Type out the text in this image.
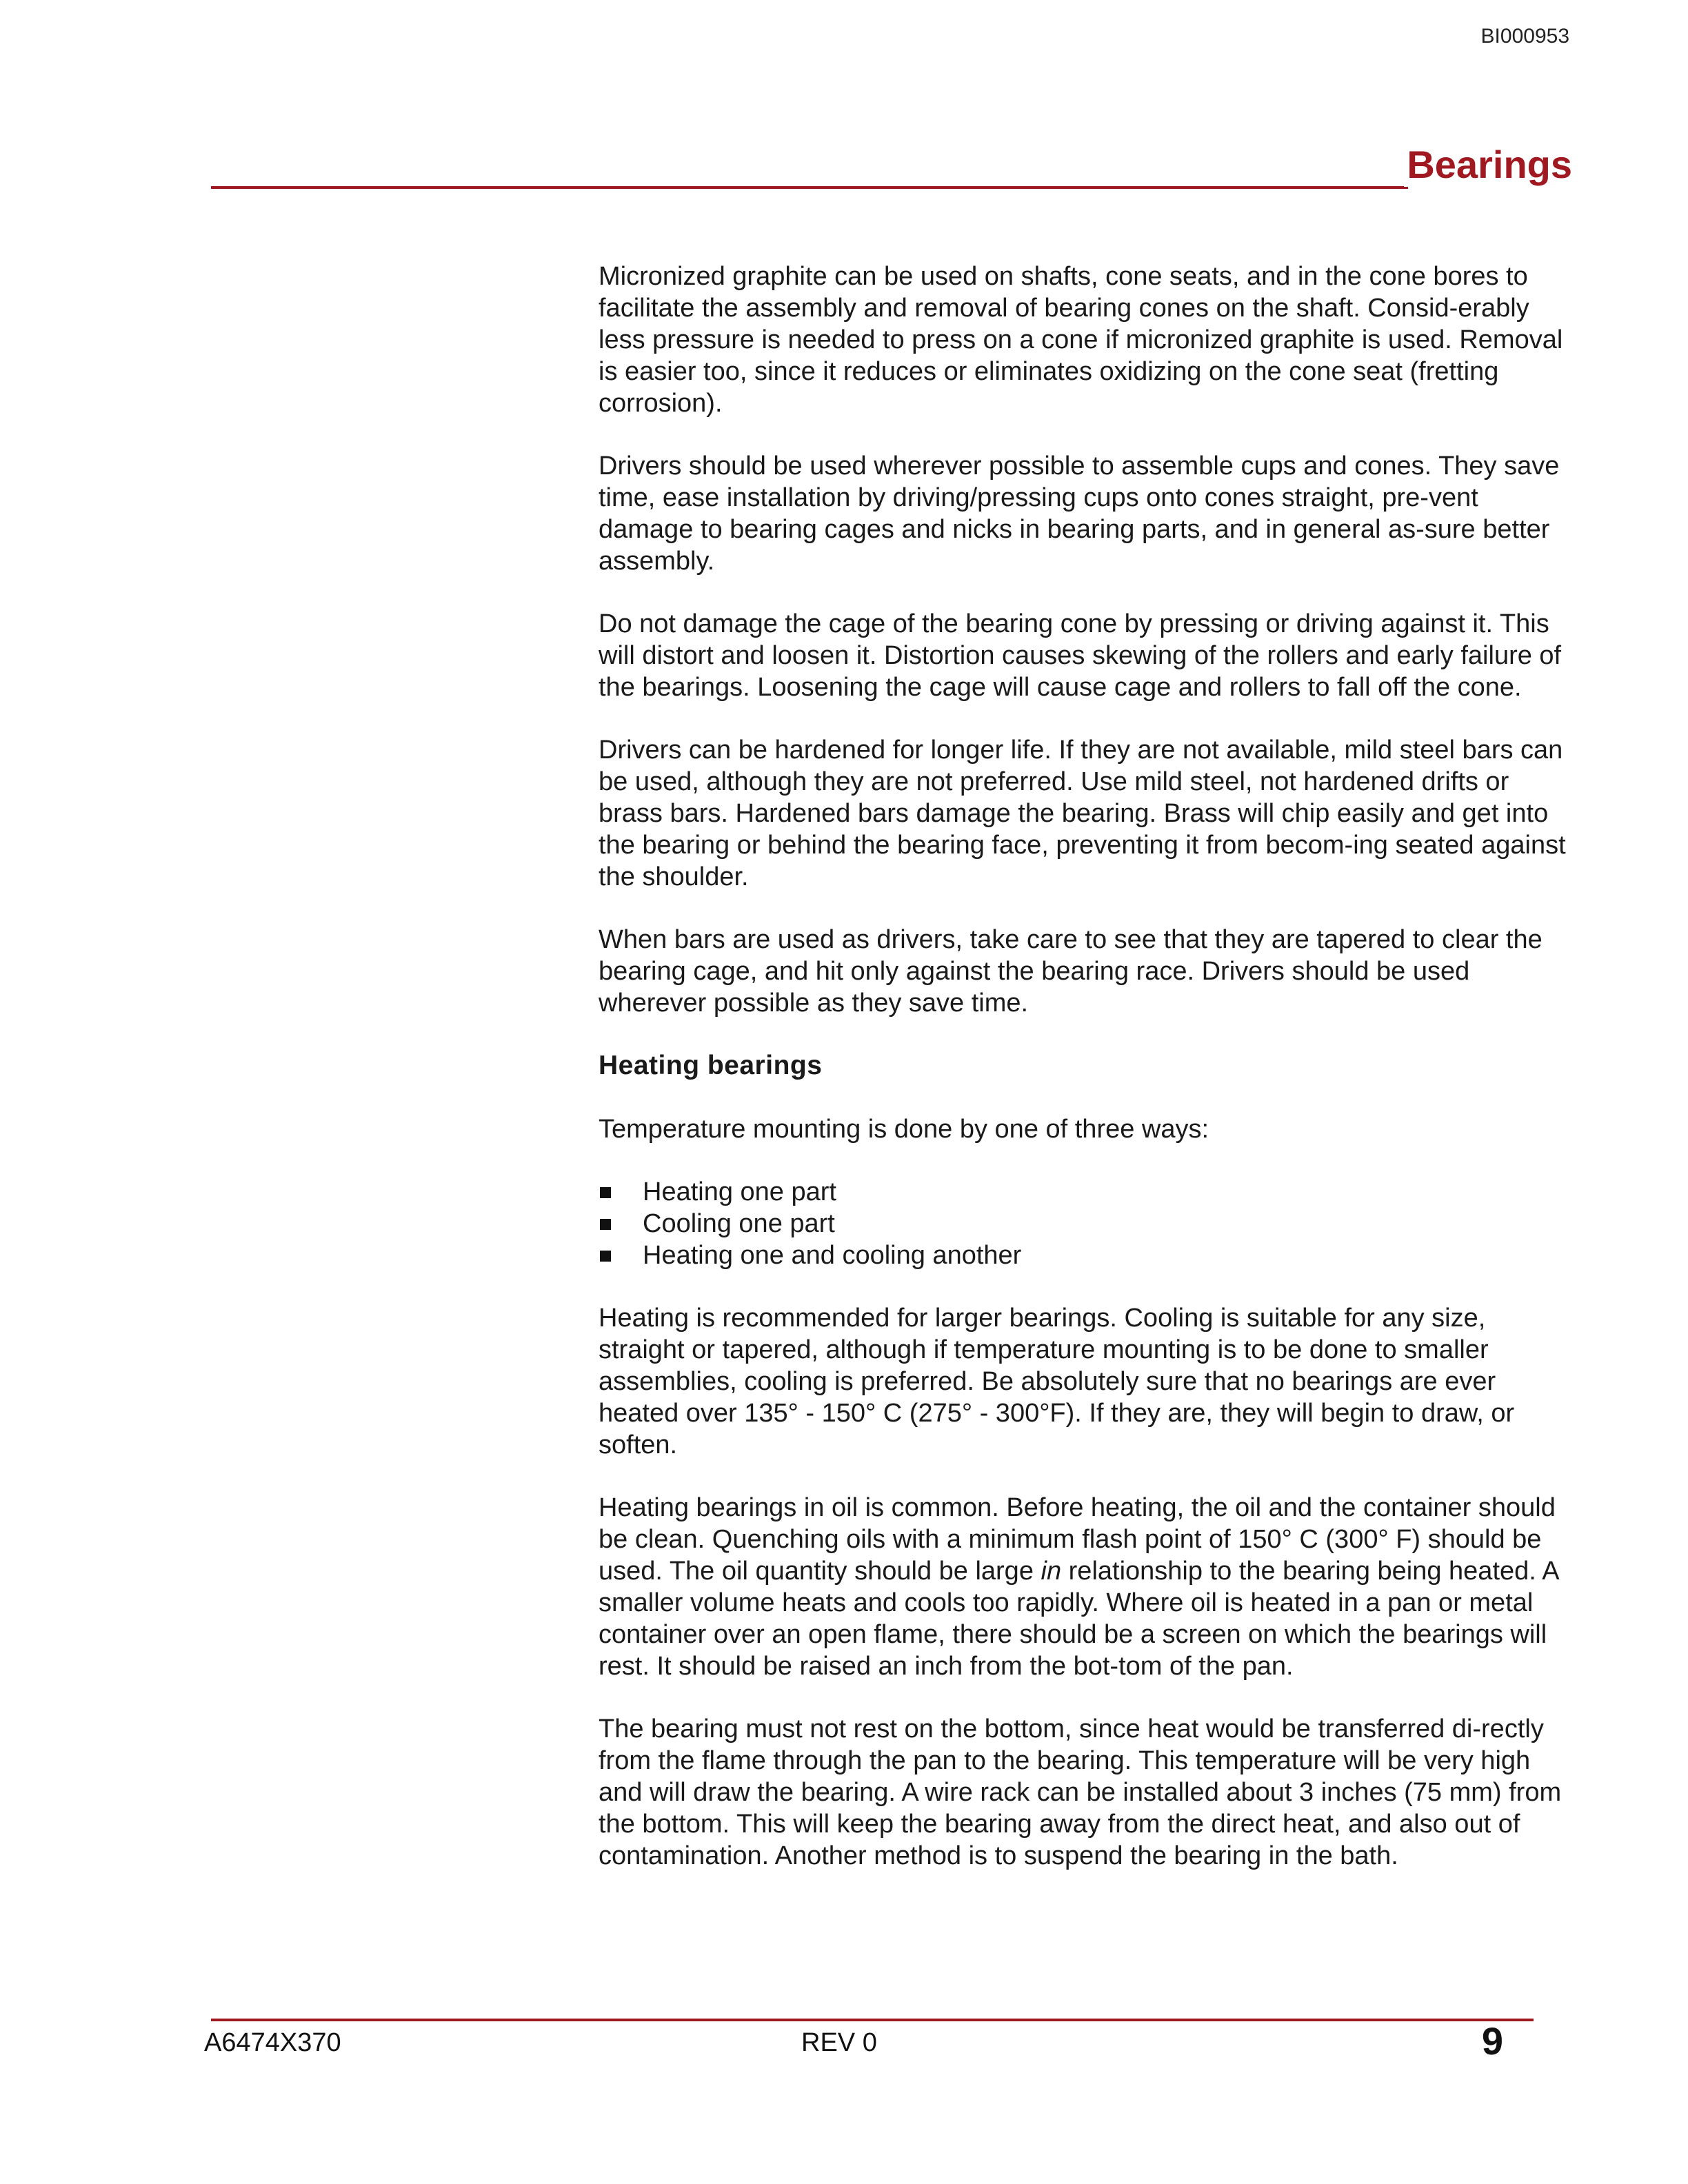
BI000953
Bearings

Micronized graphite can be used on shafts, cone seats, and in the cone bores to facilitate the assembly and removal of bearing cones on the shaft. Consid-erably less pressure is needed to press on a cone if micronized graphite is used. Removal is easier too, since it reduces or eliminates oxidizing on the cone seat (fretting corrosion).

Drivers should be used wherever possible to assemble cups and cones. They save time, ease installation by driving/pressing cups onto cones straight, pre-vent damage to bearing cages and nicks in bearing parts, and in general as-sure better assembly.

Do not damage the cage of the bearing cone by pressing or driving against it. This will distort and loosen it. Distortion causes skewing of the rollers and early failure of the bearings. Loosening the cage will cause cage and rollers to fall off the cone.

Drivers can be hardened for longer life. If they are not available, mild steel bars can be used, although they are not preferred. Use mild steel, not hardened drifts or brass bars. Hardened bars damage the bearing. Brass will chip easily and get into the bearing or behind the bearing face, preventing it from becom-ing seated against the shoulder.

When bars are used as drivers, take care to see that they are tapered to clear the bearing cage, and hit only against the bearing race. Drivers should be used wherever possible as they save time.

Heating bearings

Temperature mounting is done by one of three ways:

Heating one part
Cooling one part
Heating one and cooling another

Heating is recommended for larger bearings. Cooling is suitable for any size, straight or tapered, although if temperature mounting is to be done to smaller assemblies, cooling is preferred. Be absolutely sure that no bearings are ever heated over 135° - 150° C (275° - 300°F). If they are, they will begin to draw, or soften.

Heating bearings in oil is common. Before heating, the oil and the container should be clean. Quenching oils with a minimum flash point of 150° C (300° F) should be used. The oil quantity should be large in relationship to the bearing being heated. A smaller volume heats and cools too rapidly. Where oil is heated in a pan or metal container over an open flame, there should be a screen on which the bearings will rest. It should be raised an inch from the bot-tom of the pan.

The bearing must not rest on the bottom, since heat would be transferred di-rectly from the flame through the pan to the bearing. This temperature will be very high and will draw the bearing. A wire rack can be installed about 3 inches (75 mm) from the bottom. This will keep the bearing away from the direct heat, and also out of contamination. Another method is to suspend the bearing in the bath.

A6474X370	REV 0	9
